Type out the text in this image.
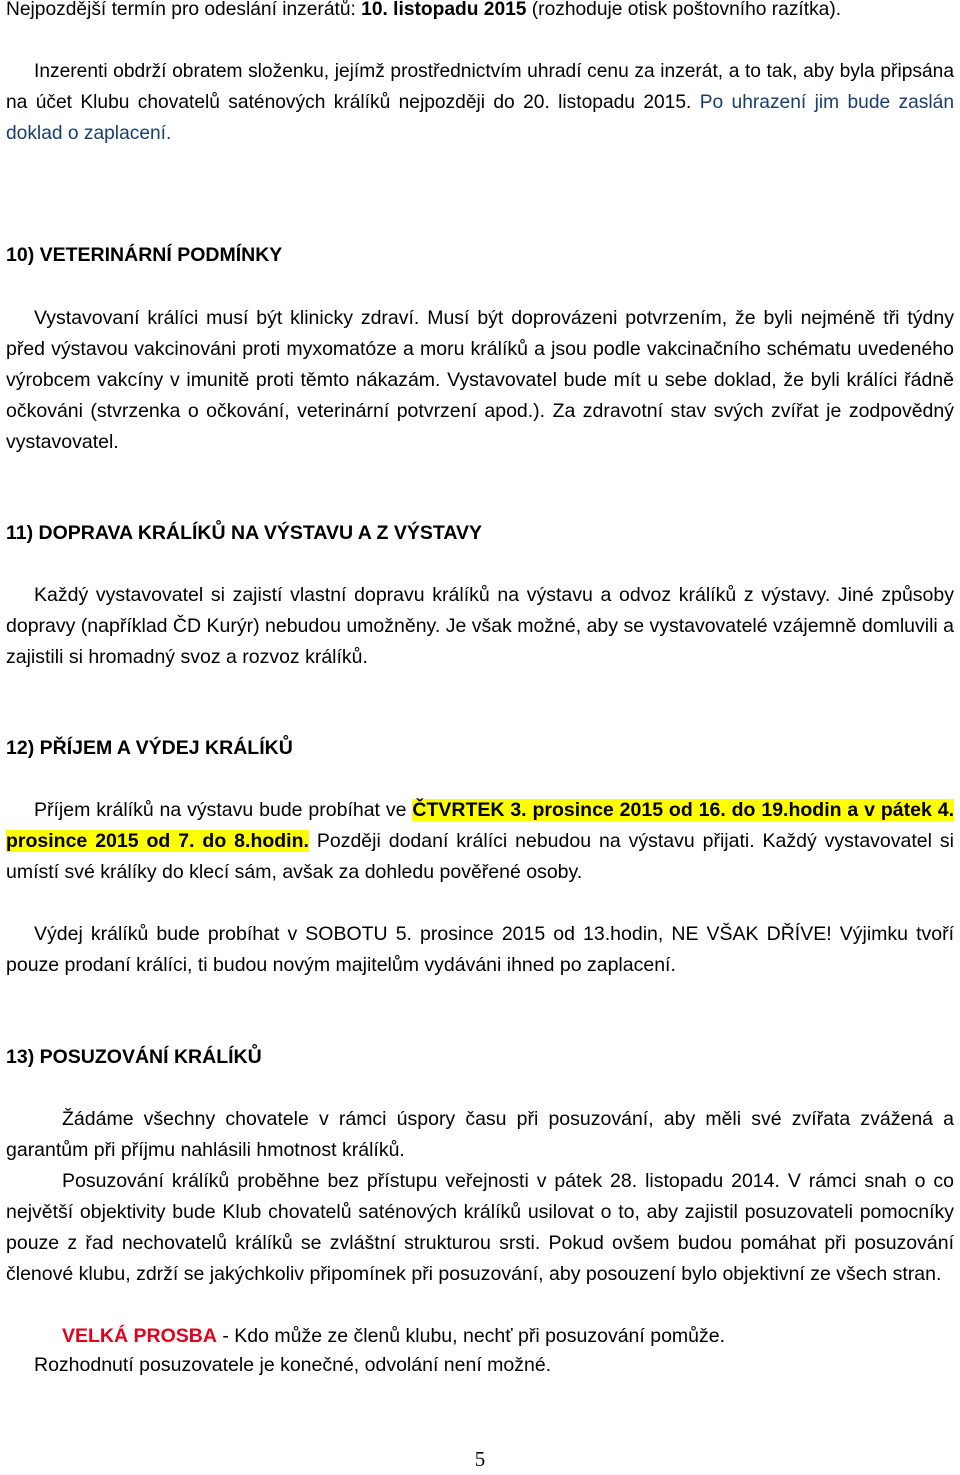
Nejpozdější termín pro odeslání inzerátů: 10. listopadu 2015 (rozhoduje otisk poštovního razítka).
Inzerenti obdrží obratem složenku, jejímž prostřednictvím uhradí cenu za inzerát, a to tak, aby byla připsána na účet Klubu chovatelů saténových králíků nejpozději do 20. listopadu 2015. Po uhrazení jim bude zaslán doklad o zaplacení.
10) VETERINÁRNÍ PODMÍNKY
Vystavovaní králíci musí být klinicky zdraví. Musí být doprovázeni potvrzením, že byli nejméně tři týdny před výstavou vakcinováni proti myxomatóze a moru králíků a jsou podle vakcinačního schématu uvedeného výrobcem vakcíny v imunitě proti těmto nákazám. Vystavovatel bude mít u sebe doklad, že byli králíci řádně očkováni (stvrzenka o očkování, veterinární potvrzení apod.). Za zdravotní stav svých zvířat je zodpovědný vystavovatel.
11) DOPRAVA KRÁLÍKŮ NA VÝSTAVU A Z VÝSTAVY
Každý vystavovatel si zajistí vlastní dopravu králíků na výstavu a odvoz králíků z výstavy. Jiné způsoby dopravy (například ČD Kurýr) nebudou umožněny. Je však možné, aby se vystavovatelé vzájemně domluvili a zajistili si hromadný svoz a rozvoz králíků.
12) PŘÍJEM A VÝDEJ KRÁLÍKŮ
Příjem králíků na výstavu bude probíhat ve ČTVRTEK 3. prosince 2015 od 16. do 19.hodin a v pátek 4. prosince 2015 od 7. do 8.hodin. Později dodaní králíci nebudou na výstavu přijati. Každý vystavovatel si umístí své králíky do klecí sám, avšak za dohledu pověřené osoby.
Výdej králíků bude probíhat v SOBOTU 5. prosince 2015 od 13.hodin, NE VŠAK DŘÍVE! Výjimku tvoří pouze prodaní králíci, ti budou novým majitelům vydáváni ihned po zaplacení.
13) POSUZOVÁNÍ KRÁLÍKŮ
Žádáme všechny chovatele v rámci úspory času při posuzování, aby měli své zvířata zvážená a garantům při příjmu nahlásili hmotnost králíků.
Posuzování králíků proběhne bez přístupu veřejnosti v pátek 28. listopadu 2014. V rámci snah o co největší objektivity bude Klub chovatelů saténových králíků usilovat o to, aby zajistil posuzovateli pomocníky pouze z řad nechovatelů králíků se zvláštní strukturou srsti. Pokud ovšem budou pomáhat při posuzování členové klubu, zdrží se jakýchkoliv připomínek při posuzování, aby posouzení bylo objektivní ze všech stran.
VELKÁ PROSBA - Kdo může ze členů klubu, nechť při posuzování pomůže.
Rozhodnutí posuzovatele je konečné, odvolání není možné.
5
